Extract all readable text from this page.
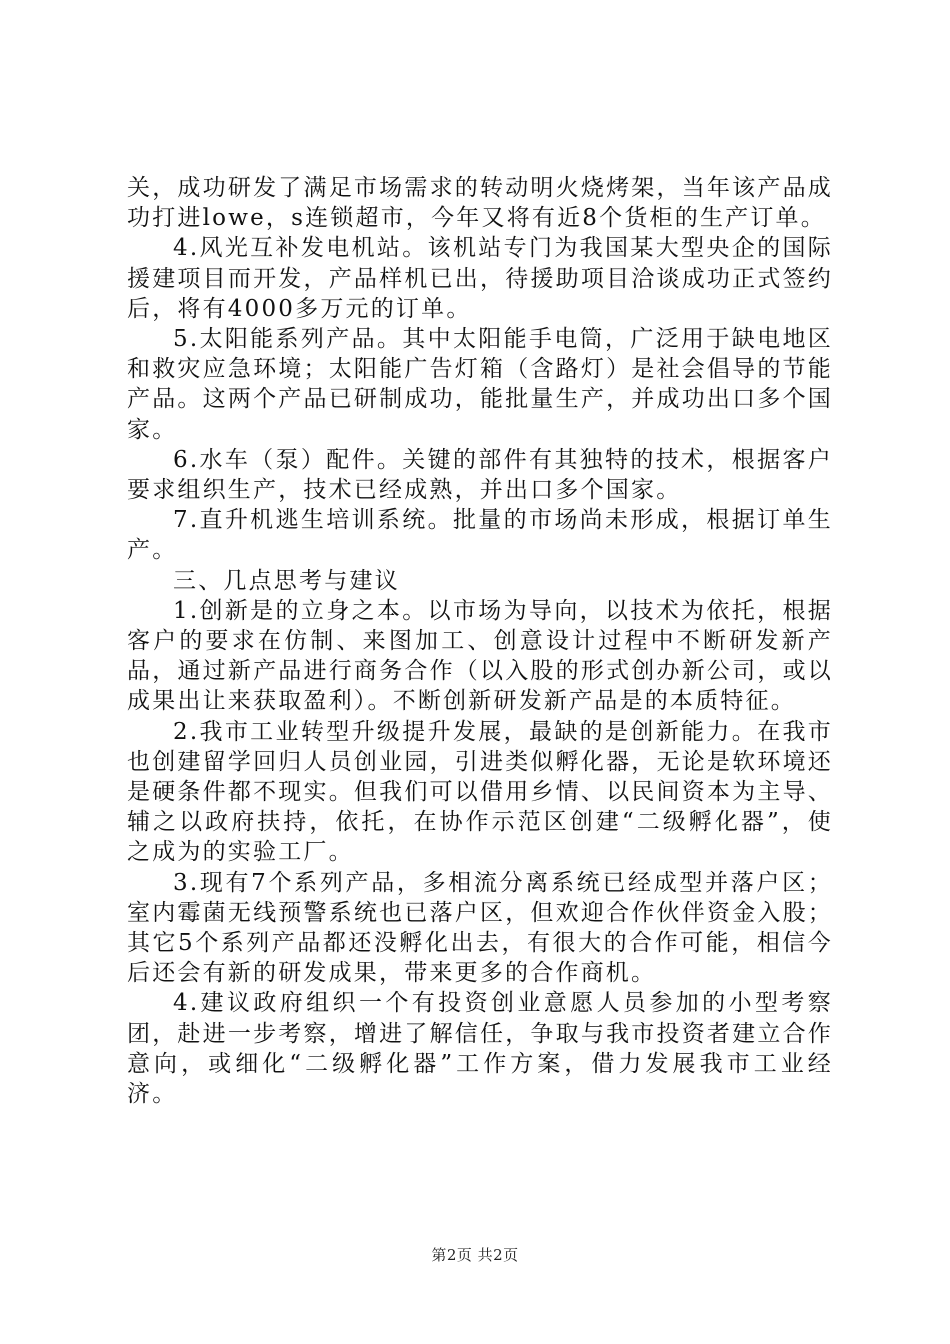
关，成功研发了满足市场需求的转动明火烧烤架，当年该产品成功打进lowe，s连锁超市，今年又将有近8个货柜的生产订单。

4.风光互补发电机站。该机站专门为我国某大型央企的国际援建项目而开发，产品样机已出，待援助项目洽谈成功正式签约后，将有4000多万元的订单。

5.太阳能系列产品。其中太阳能手电筒，广泛用于缺电地区和救灾应急环境；太阳能广告灯箱（含路灯）是社会倡导的节能产品。这两个产品已研制成功，能批量生产，并成功出口多个国家。

6.水车（泵）配件。关键的部件有其独特的技术，根据客户要求组织生产，技术已经成熟，并出口多个国家。

7.直升机逃生培训系统。批量的市场尚未形成，根据订单生产。

三、几点思考与建议

1.创新是的立身之本。以市场为导向，以技术为依托，根据客户的要求在仿制、来图加工、创意设计过程中不断研发新产品，通过新产品进行商务合作（以入股的形式创办新公司，或以成果出让来获取盈利）。不断创新研发新产品是的本质特征。

2.我市工业转型升级提升发展，最缺的是创新能力。在我市也创建留学回归人员创业园，引进类似孵化器，无论是软环境还是硬条件都不现实。但我们可以借用乡情、以民间资本为主导、辅之以政府扶持，依托，在协作示范区创建“二级孵化器”，使之成为的实验工厂。

3.现有7个系列产品，多相流分离系统已经成型并落户区；室内霉菌无线预警系统也已落户区，但欢迎合作伙伴资金入股；其它5个系列产品都还没孵化出去，有很大的合作可能，相信今后还会有新的研发成果，带来更多的合作商机。

4.建议政府组织一个有投资创业意愿人员参加的小型考察团，赴进一步考察，增进了解信任，争取与我市投资者建立合作意向，或细化“二级孵化器”工作方案，借力发展我市工业经济。

第2页 共2页
